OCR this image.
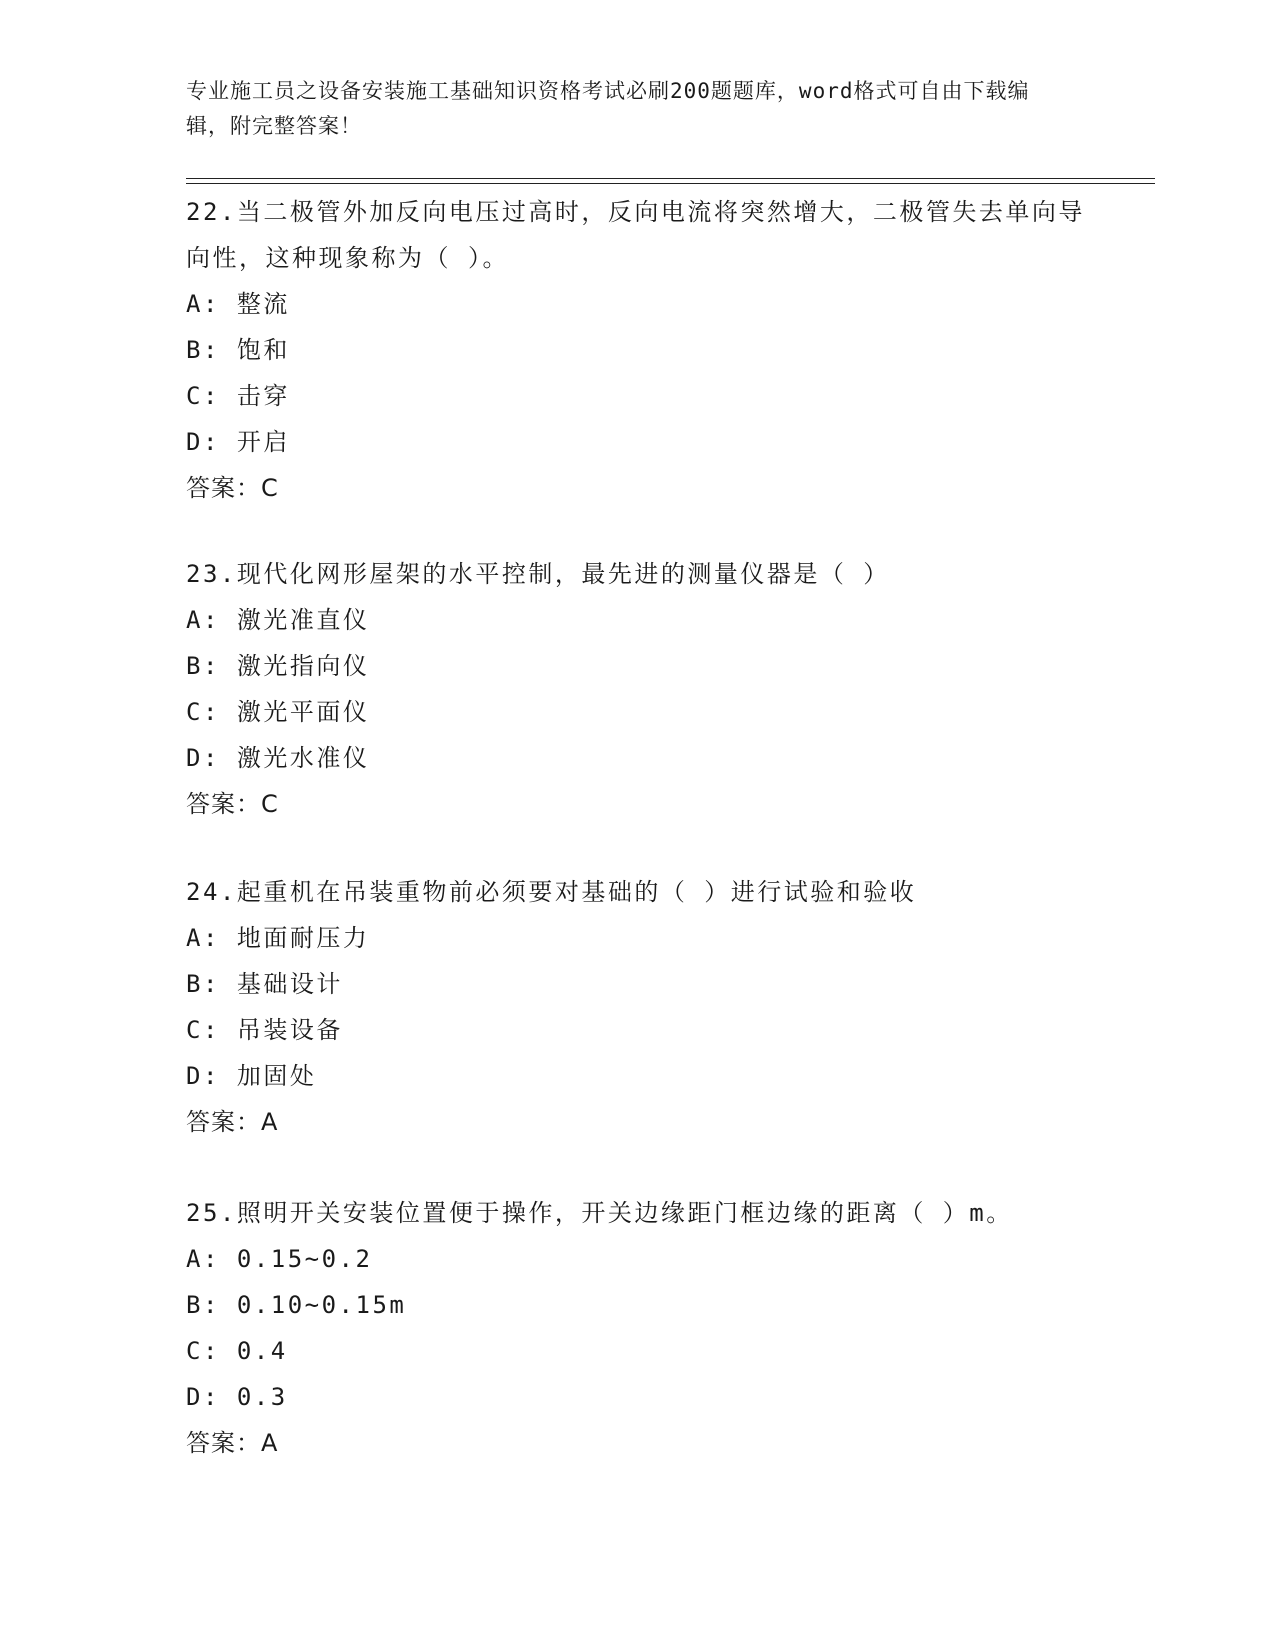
专业施工员之设备安装施工基础知识资格考试必刷200题题库，word格式可自由下载编辑，附完整答案！
22.当二极管外加反向电压过高时，反向电流将突然增大，二极管失去单向导向性，这种现象称为（ ）。
A: 整流
B: 饱和
C: 击穿
D: 开启
答案：C
23.现代化网形屋架的水平控制，最先进的测量仪器是（ ）
A: 激光准直仪
B: 激光指向仪
C: 激光平面仪
D: 激光水准仪
答案：C
24.起重机在吊装重物前必须要对基础的（ ）进行试验和验收
A: 地面耐压力
B: 基础设计
C: 吊装设备
D: 加固处
答案：A
25.照明开关安装位置便于操作，开关边缘距门框边缘的距离（ ）m。
A: 0.15~0.2
B: 0.10~0.15m
C: 0.4
D: 0.3
答案：A
